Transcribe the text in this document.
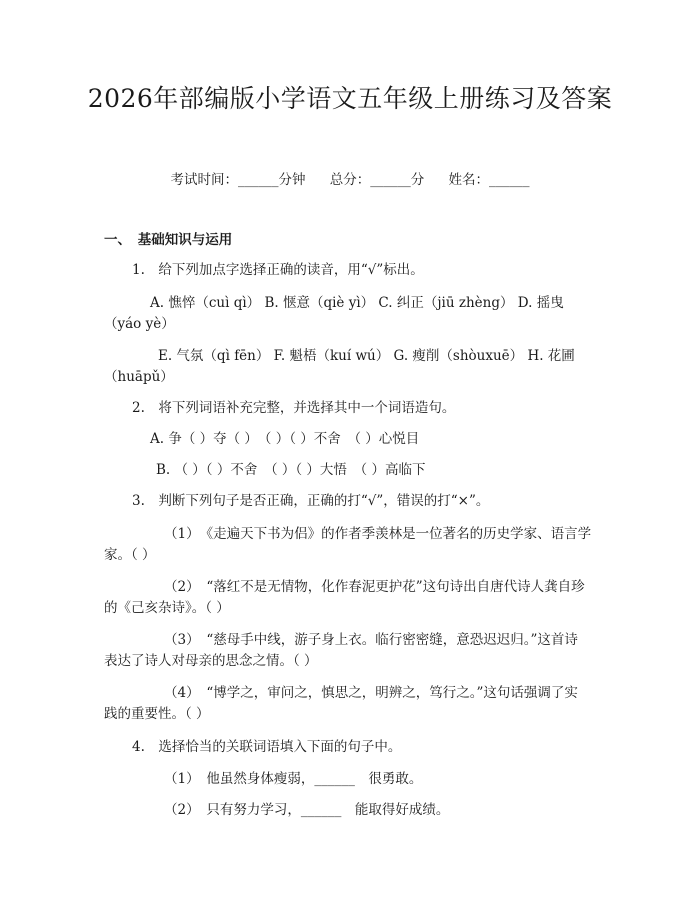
2026年部编版小学语文五年级上册练习及答案
考试时间：______分钟 总分：______分 姓名：______
一、　基础知识与运用
1.　给下列加点字选择正确的读音，用“√”标出。
A. 憔悴（cuì qì） B. 惬意（qiè yì） C. 纠正（jiū zhèng） D. 摇曳
（yáo yè）
E. 气氛（qì fēn） F. 魁梧（kuí wú） G. 瘦削（shòuxuē） H. 花圃
（huāpǔ）
2.　将下列词语补充完整，并选择其中一个词语造句。
A. 争（ ）夺（ ）　（ ）（ ）不舍　（ ）心悦目
B. （ ）（ ）不舍　（ ）（ ）大悟　（ ）高临下
3.　判断下列句子是否正确，正确的打“√”，错误的打“×”。
（1）　《走遍天下书为侣》的作者季羡林是一位著名的历史学家、语言学
家。（ ）
（2）　“落红不是无情物，化作春泥更护花”这句诗出自唐代诗人龚自珍
的《己亥杂诗》。（ ）
（3）　“慈母手中线，游子身上衣。临行密密缝，意恐迟迟归。”这首诗
表达了诗人对母亲的思念之情。（ ）
（4）　“博学之，审问之，慎思之，明辨之，笃行之。”这句话强调了实
践的重要性。（ ）
4.　选择恰当的关联词语填入下面的句子中。
（1）　他虽然身体瘦弱，______　很勇敢。
（2）　只有努力学习，______　能取得好成绩。
